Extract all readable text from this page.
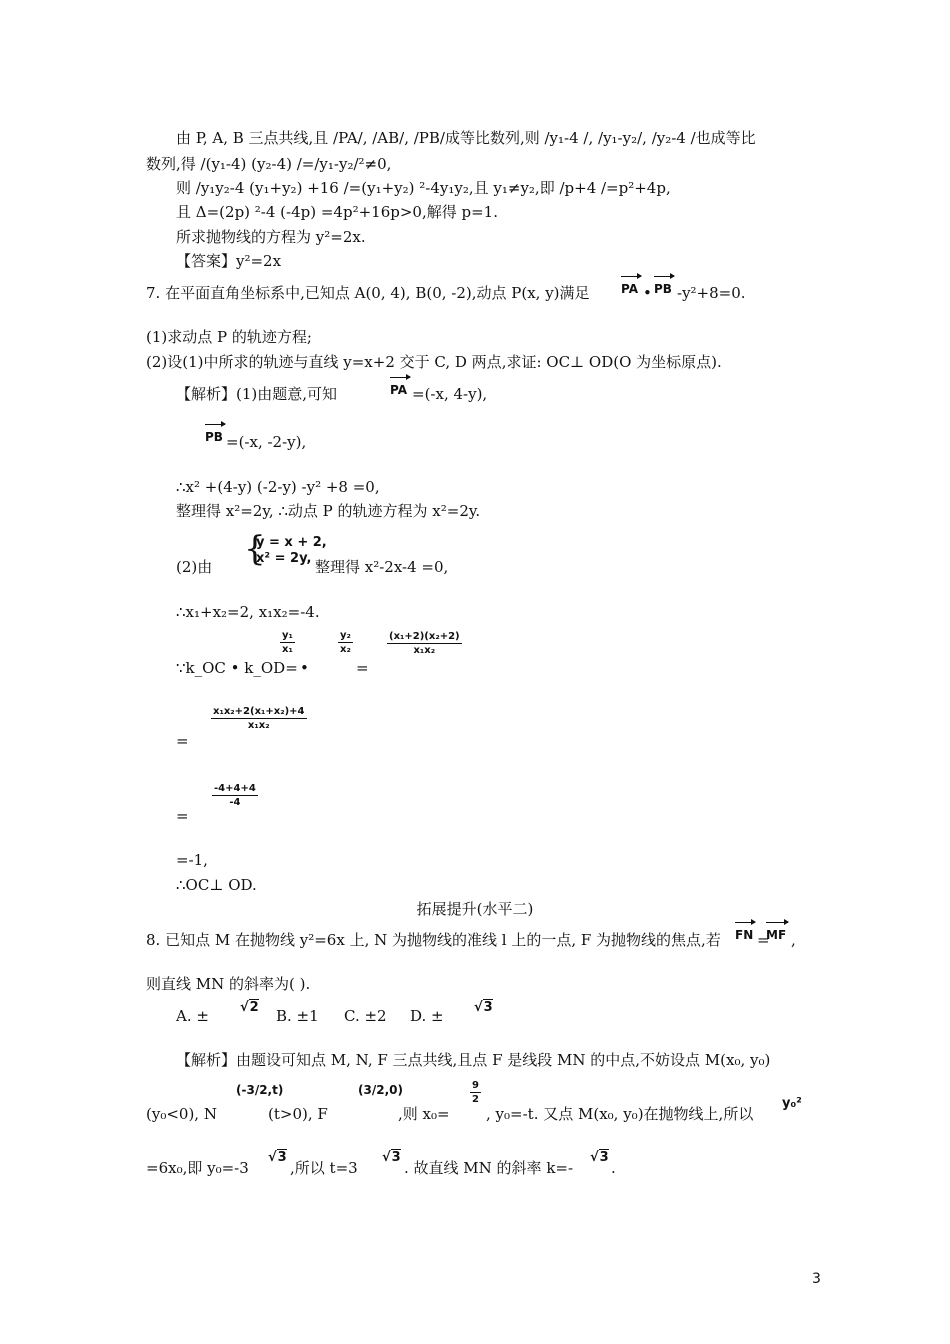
由 P, A, B 三点共线,且 /PA/, /AB/, /PB/成等比数列,则 /y₁-4 /, /y₁-y₂/, /y₂-4 /也成等比
数列,得 /(y₁-4) (y₂-4) /=/y₁-y₂/²≠0,
则 /y₁y₂-4 (y₁+y₂) +16 /=(y₁+y₂) ²-4y₁y₂,且 y₁≠y₂,即 /p+4 /=p²+4p,
且 Δ=(2p) ²-4 (-4p) =4p²+16p>0,解得 p=1.
所求抛物线的方程为 y²=2x.
【答案】y²=2x
7. 在平面直角坐标系中,已知点 A(0, 4), B(0, -2),动点 P(x, y)满足	PA • PB -y²+8=0.
(1)求动点 P 的轨迹方程;
(2)设(1)中所求的轨迹与直线 y=x+2 交于 C, D 两点,求证: OC⊥ OD(O 为坐标原点).
【解析】(1)由题意,可知	PA =(-x, 4-y),
PB =(-x, -2-y),
∴x² +(4-y) (-2-y) -y² +8 =0,
整理得 x²=2y, ∴动点 P 的轨迹方程为 x²=2y.
(2)由 {
y = x + 2,
x² = 2y, 整理得 x²-2x-4 =0,
∴x₁+x₂=2, x₁x₂=-4.
∵k_OC • k_OD=
$\frac{\text{y₁}}{\text{x₁}}$
•
$\frac{\text{y₂}}{\text{x₂}}$
=
$\frac{\text{(x₁+2)(x₂+2)}}{\text{x₁x₂}}$
=
$\frac{\text{x₁x₂+2(x₁+x₂)+4}}{\text{x₁x₂}}$
=
$\frac{-4+4+4}{-4}$
=-1,
∴OC⊥ OD.
拓展提升(水平二)
8. 已知点 M 在抛物线 y²=6x 上, N 为抛物线的准线 l 上的一点, F 为抛物线的焦点,若 FN =
MF ,
则直线 MN 的斜率为( ).
A. ± √2 B. ±1 C. ±2 D. ± √3
【解析】由题设可知点 M, N, F 三点共线,且点 F 是线段 MN 的中点,不妨设点 M(x₀, y₀)
(y₀<0), N
(-3/2,t)
(t>0), F
(3/2,0)
,则 x₀=
$\frac{9}{2}$
, y₀=-t. 又点 M(x₀, y₀)在抛物线上,所以
y₀²
=6x₀,即 y₀=-3
√3
,所以 t=3
√3
. 故直线 MN 的斜率 k=-
√3
.
3
